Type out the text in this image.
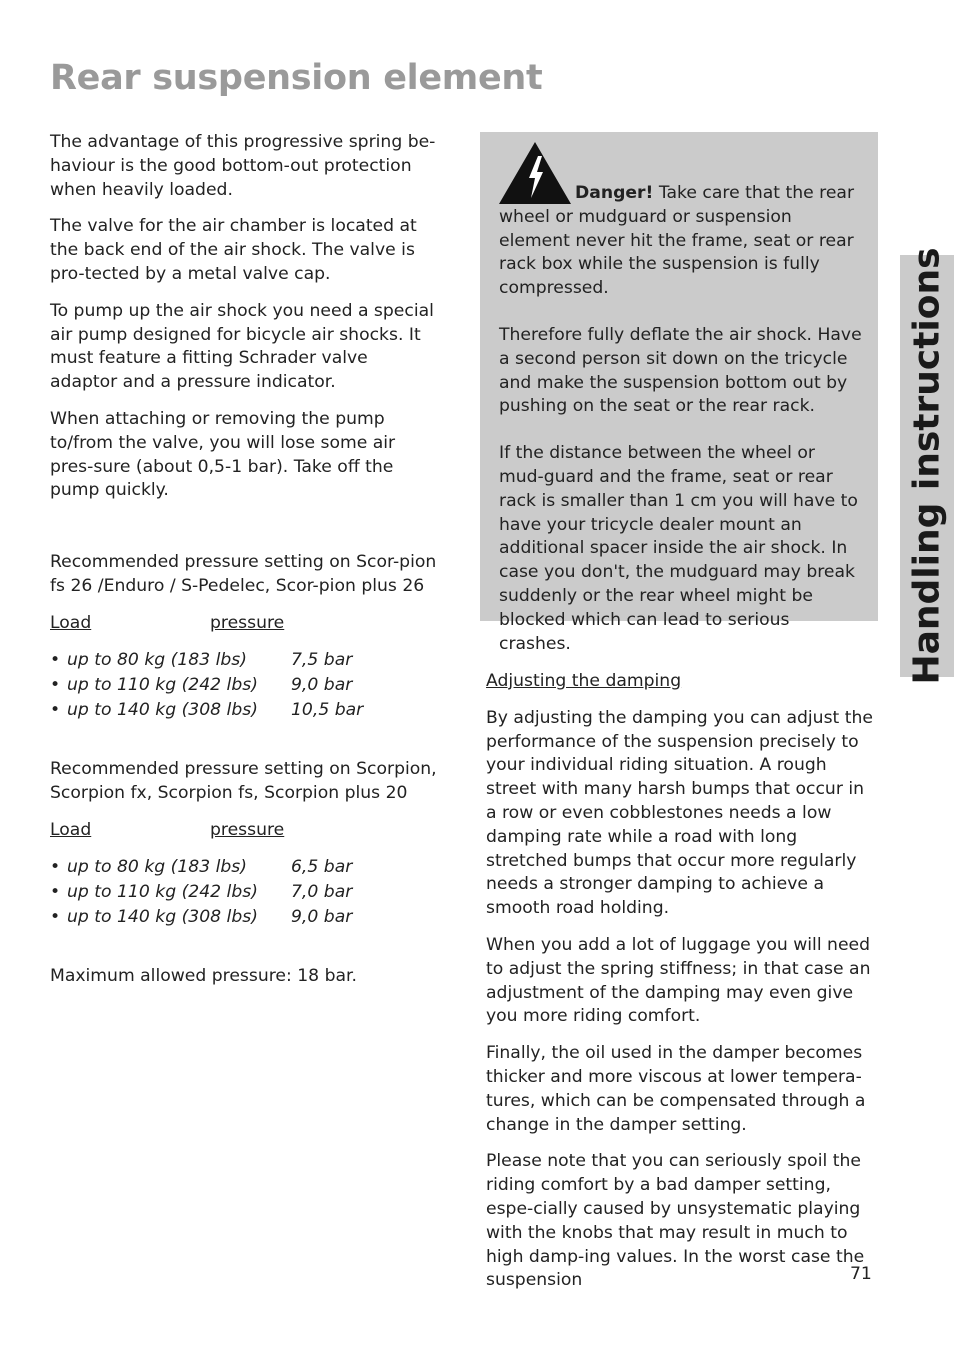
Rear suspension element

The advantage of this progressive spring be-haviour is the good bottom-out protection when heavily loaded.

The valve for the air chamber is located at the back end of the air shock. The valve is pro-tected by a metal valve cap.

To pump up the air shock you need a special air pump designed for bicycle air shocks. It must feature a fitting Schrader valve adaptor and a pressure indicator.

When attaching or removing the pump to/from the valve, you will lose some air pres-sure (about 0,5-1 bar). Take off the pump quickly.

Recommended pressure setting on Scor-pion fs 26 /Enduro / S-Pedelec, Scor-pion plus 26

Load	pressure
• up to 80 kg (183 lbs)	7,5 bar
• up to 110 kg (242 lbs) 9,0 bar
• up to 140 kg (308 lbs) 10,5 bar

Recommended pressure setting on Scorpion, Scorpion fx, Scorpion fs, Scorpion plus 20

Load	pressure
• up to 80 kg (183 lbs)	6,5 bar
• up to 110 kg (242 lbs) 7,0 bar
• up to 140 kg (308 lbs) 9,0 bar

Maximum allowed pressure: 18 bar.

Danger! Take care that the rear wheel or mudguard or suspension element never hit the frame, seat or rear rack box while the suspension is fully compressed.

Therefore fully deflate the air shock. Have a second person sit down on the tricycle and make the suspension bottom out by pushing on the seat or the rear rack.

If the distance between the wheel or mud-guard and the frame, seat or rear rack is smaller than 1 cm you will have to have your tricycle dealer mount an additional spacer inside the air shock. In case you don't, the mudguard may break suddenly or the rear wheel might be blocked which can lead to serious crashes.

Adjusting the damping

By adjusting the damping you can adjust the performance of the suspension precisely to your individual riding situation. A rough street with many harsh bumps that occur in a row or even cobblestones needs a low damping rate while a road with long stretched bumps that occur more regularly needs a stronger damping to achieve a smooth road holding.

When you add a lot of luggage you will need to adjust the spring stiffness; in that case an adjustment of the damping may even give you more riding comfort.

Finally, the oil used in the damper becomes thicker and more viscous at lower tempera-tures, which can be compensated through a change in the damper setting.

Please note that you can seriously spoil the riding comfort by a bad damper setting, espe-cially caused by unsystematic playing with the knobs that may result in much to high damp-ing values. In the worst case the suspension

Handling instructions
71
